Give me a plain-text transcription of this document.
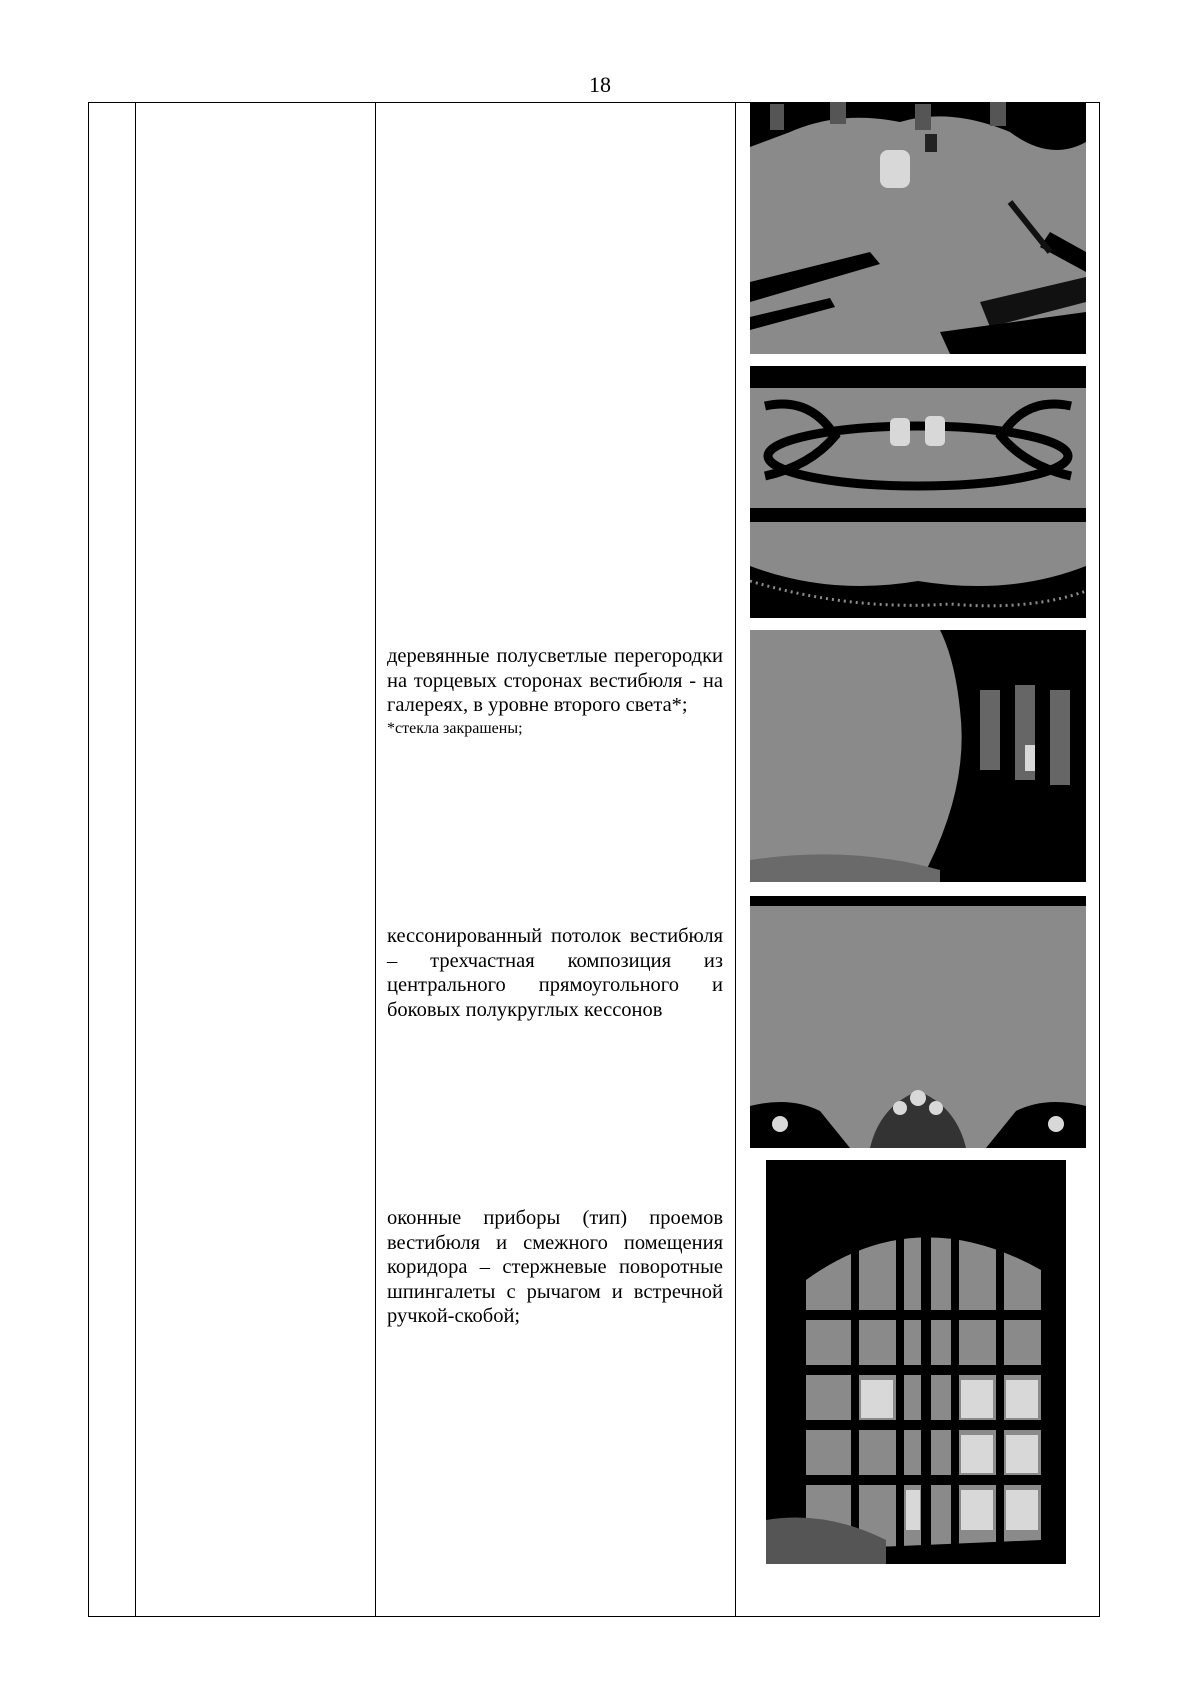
18
деревянные полусветлые перегородки на торцевых сторонах вестибюля - на галереях, в уровне второго света*;
*стекла закрашены;
кессонированный потолок вестибюля – трехчастная композиция из центрального прямоугольного и боковых полукруглых кессонов
оконные приборы (тип) проемов вестибюля и смежного помещения коридора – стержневые поворотные шпингалеты с рычагом и встречной ручкой-скобой;
